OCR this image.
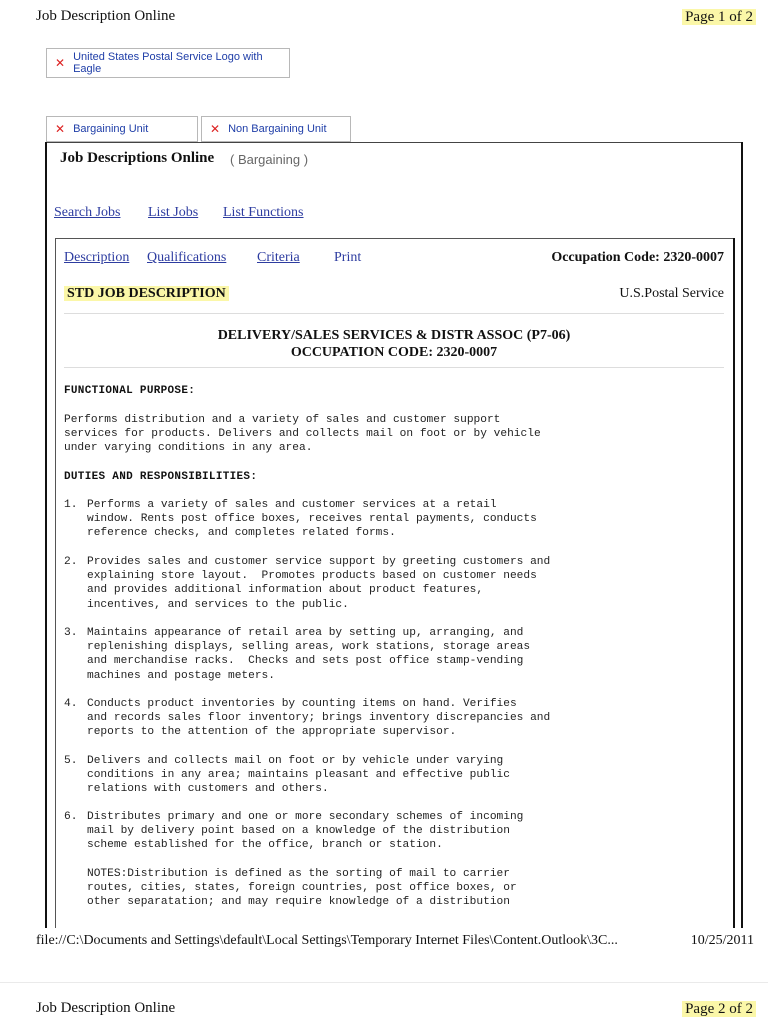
Job Description Online	Page 1 of 2
✕ United States Postal Service Logo with Eagle
✕ Bargaining Unit	✕ Non Bargaining Unit
Job Descriptions Online ( Bargaining )
Search Jobs List Jobs List Functions
Description Qualifications Criteria Print	Occupation Code: 2320-0007
STD JOB DESCRIPTION	U.S.Postal Service
DELIVERY/SALES SERVICES & DISTR ASSOC (P7-06)
OCCUPATION CODE: 2320-0007
FUNCTIONAL PURPOSE:
Performs distribution and a variety of sales and customer support
services for products. Delivers and collects mail on foot or by vehicle
under varying conditions in any area.
DUTIES AND RESPONSIBILITIES:
1. Performs a variety of sales and customer services at a retail
window. Rents post office boxes, receives rental payments, conducts
reference checks, and completes related forms.
2. Provides sales and customer service support by greeting customers and
explaining store layout.  Promotes products based on customer needs
and provides additional information about product features,
incentives, and services to the public.
3. Maintains appearance of retail area by setting up, arranging, and
replenishing displays, selling areas, work stations, storage areas
and merchandise racks.  Checks and sets post office stamp-vending
machines and postage meters.
4. Conducts product inventories by counting items on hand. Verifies
and records sales floor inventory; brings inventory discrepancies and
reports to the attention of the appropriate supervisor.
5. Delivers and collects mail on foot or by vehicle under varying
conditions in any area; maintains pleasant and effective public
relations with customers and others.
6. Distributes primary and one or more secondary schemes of incoming
mail by delivery point based on a knowledge of the distribution
scheme established for the office, branch or station.
NOTES:Distribution is defined as the sorting of mail to carrier
routes, cities, states, foreign countries, post office boxes, or
other separatation; and may require knowledge of a distribution
file://C:\Documents and Settings\default\Local Settings\Temporary Internet Files\Content.Outlook\3C...	10/25/2011
Job Description Online	Page 2 of 2
